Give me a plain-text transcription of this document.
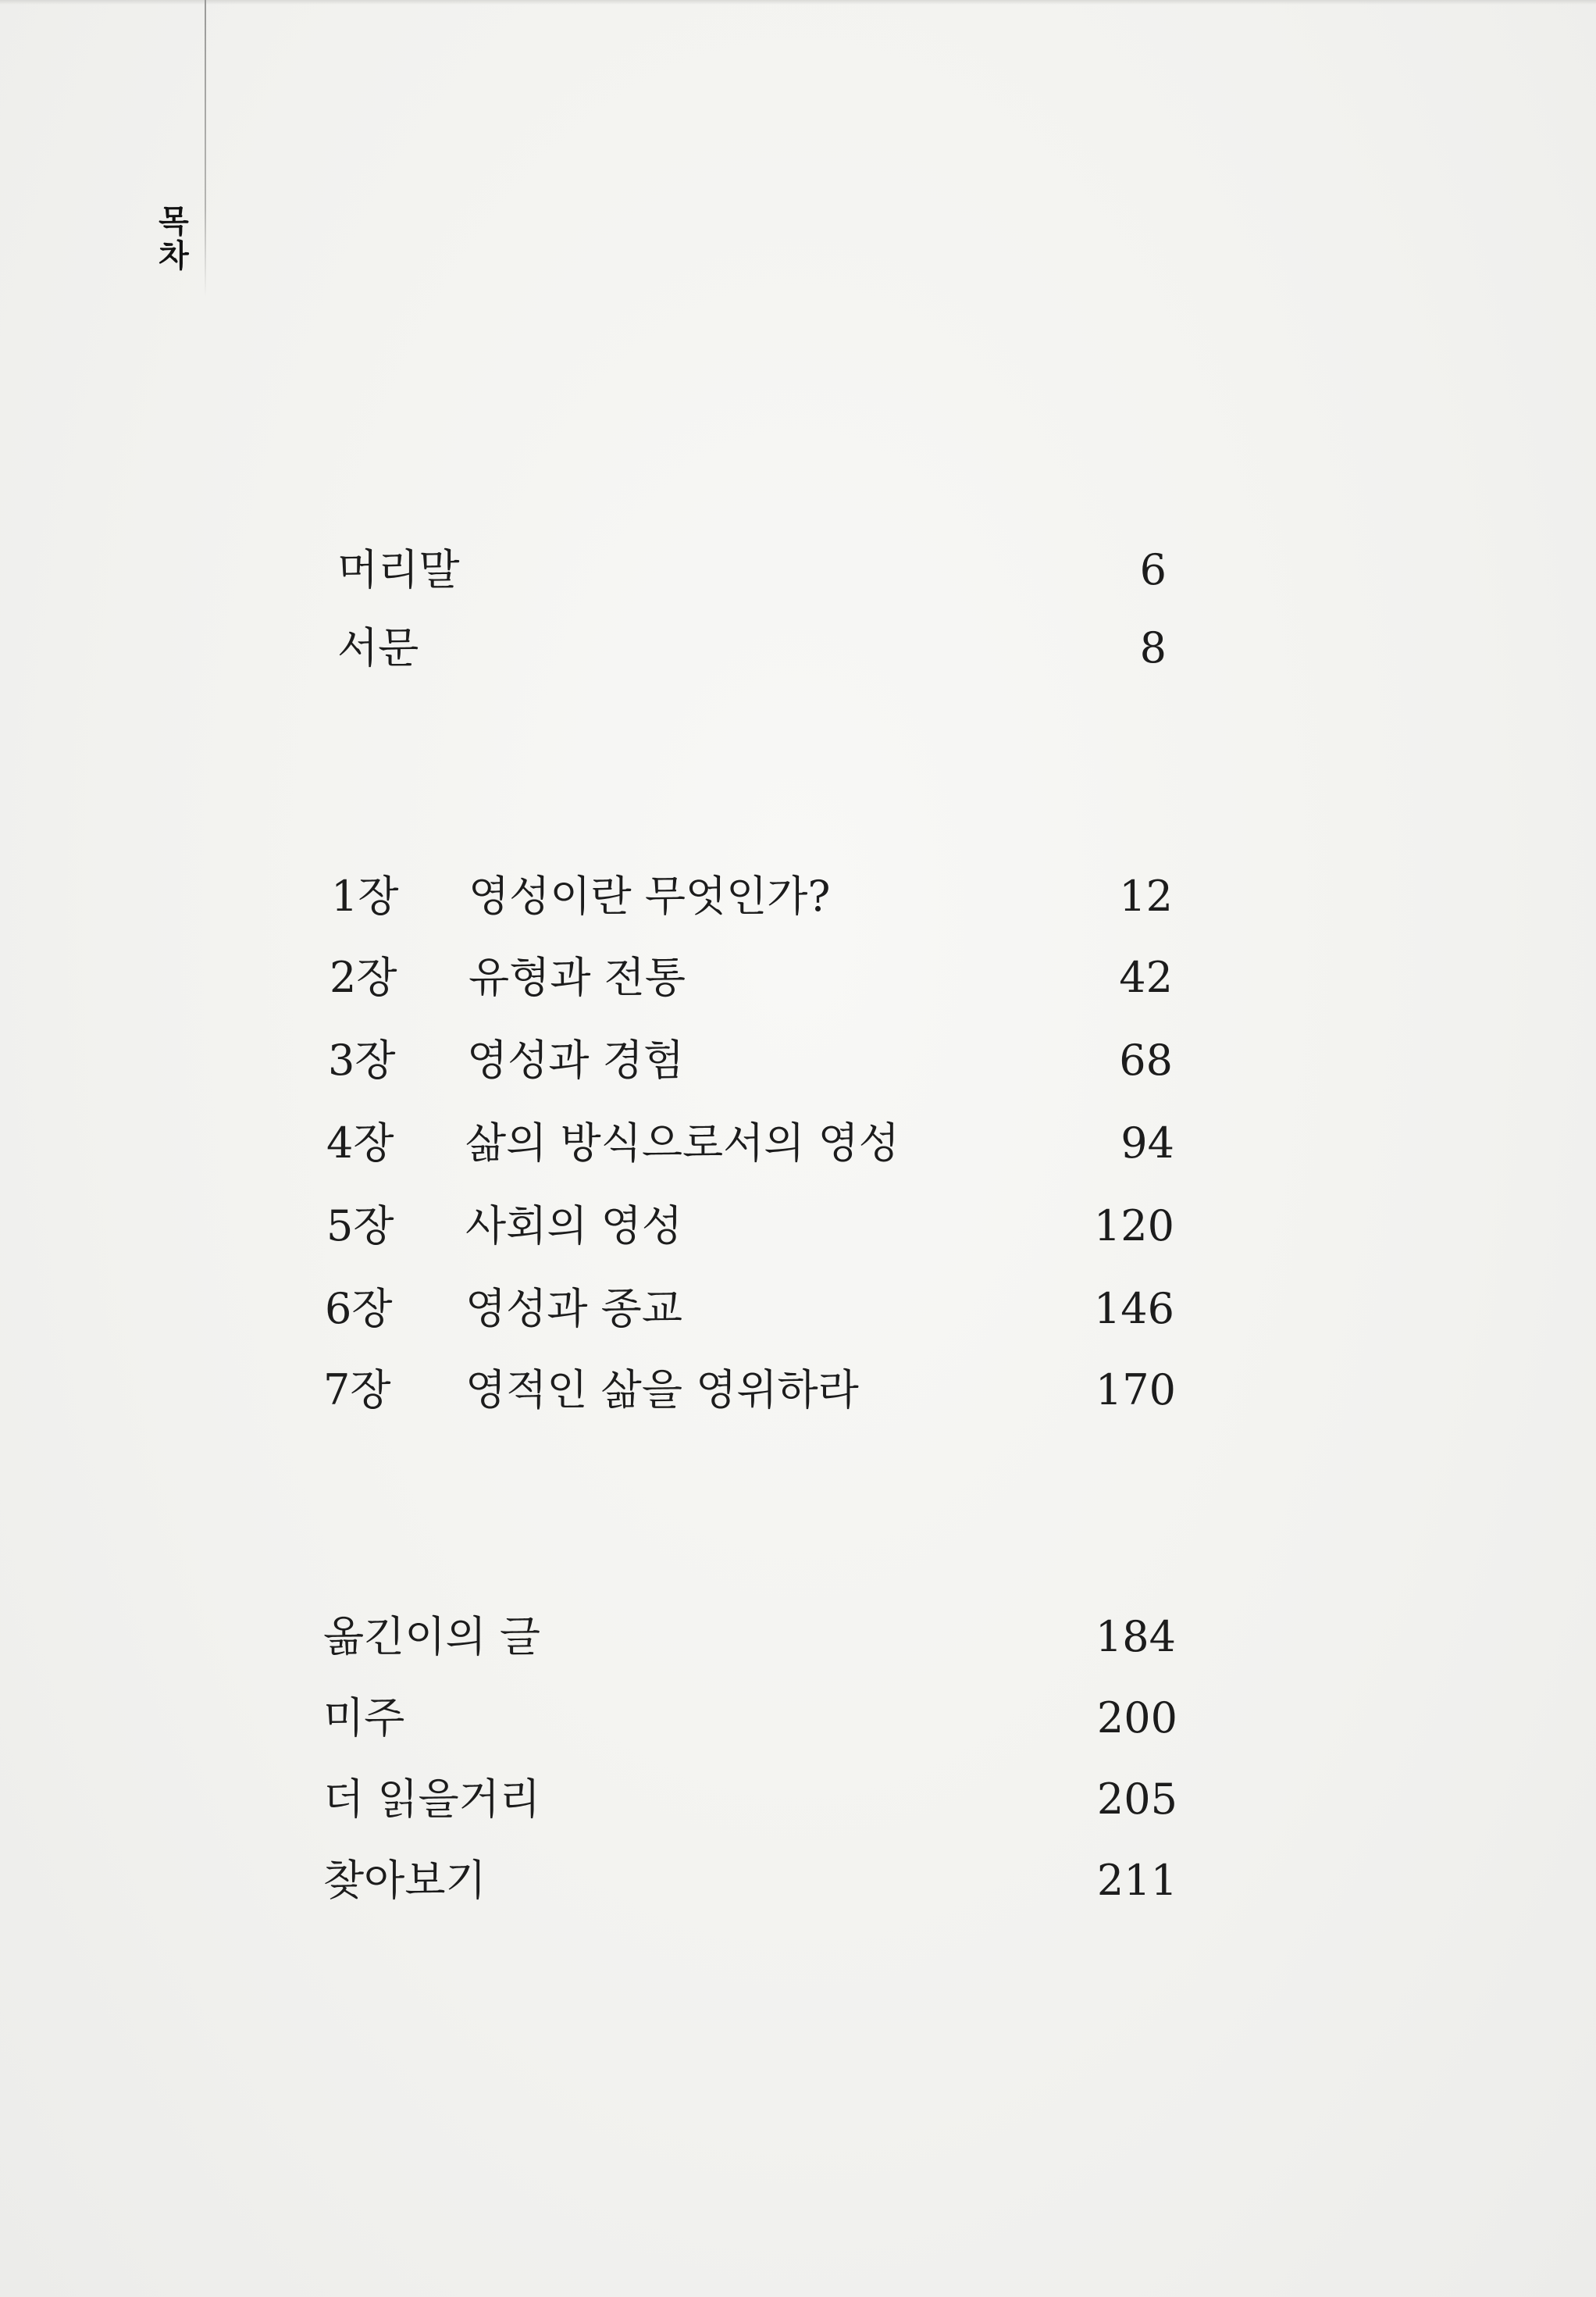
목차
머리말	6
서문	8
1장	영성이란 무엇인가?	12
2장	유형과 전통	42
3장	영성과 경험	68
4장	삶의 방식으로서의 영성	94
5장	사회의 영성	120
6장	영성과 종교	146
7장	영적인 삶을 영위하라	170
옮긴이의 글	184
미주	200
더 읽을거리	205
찾아보기	211
